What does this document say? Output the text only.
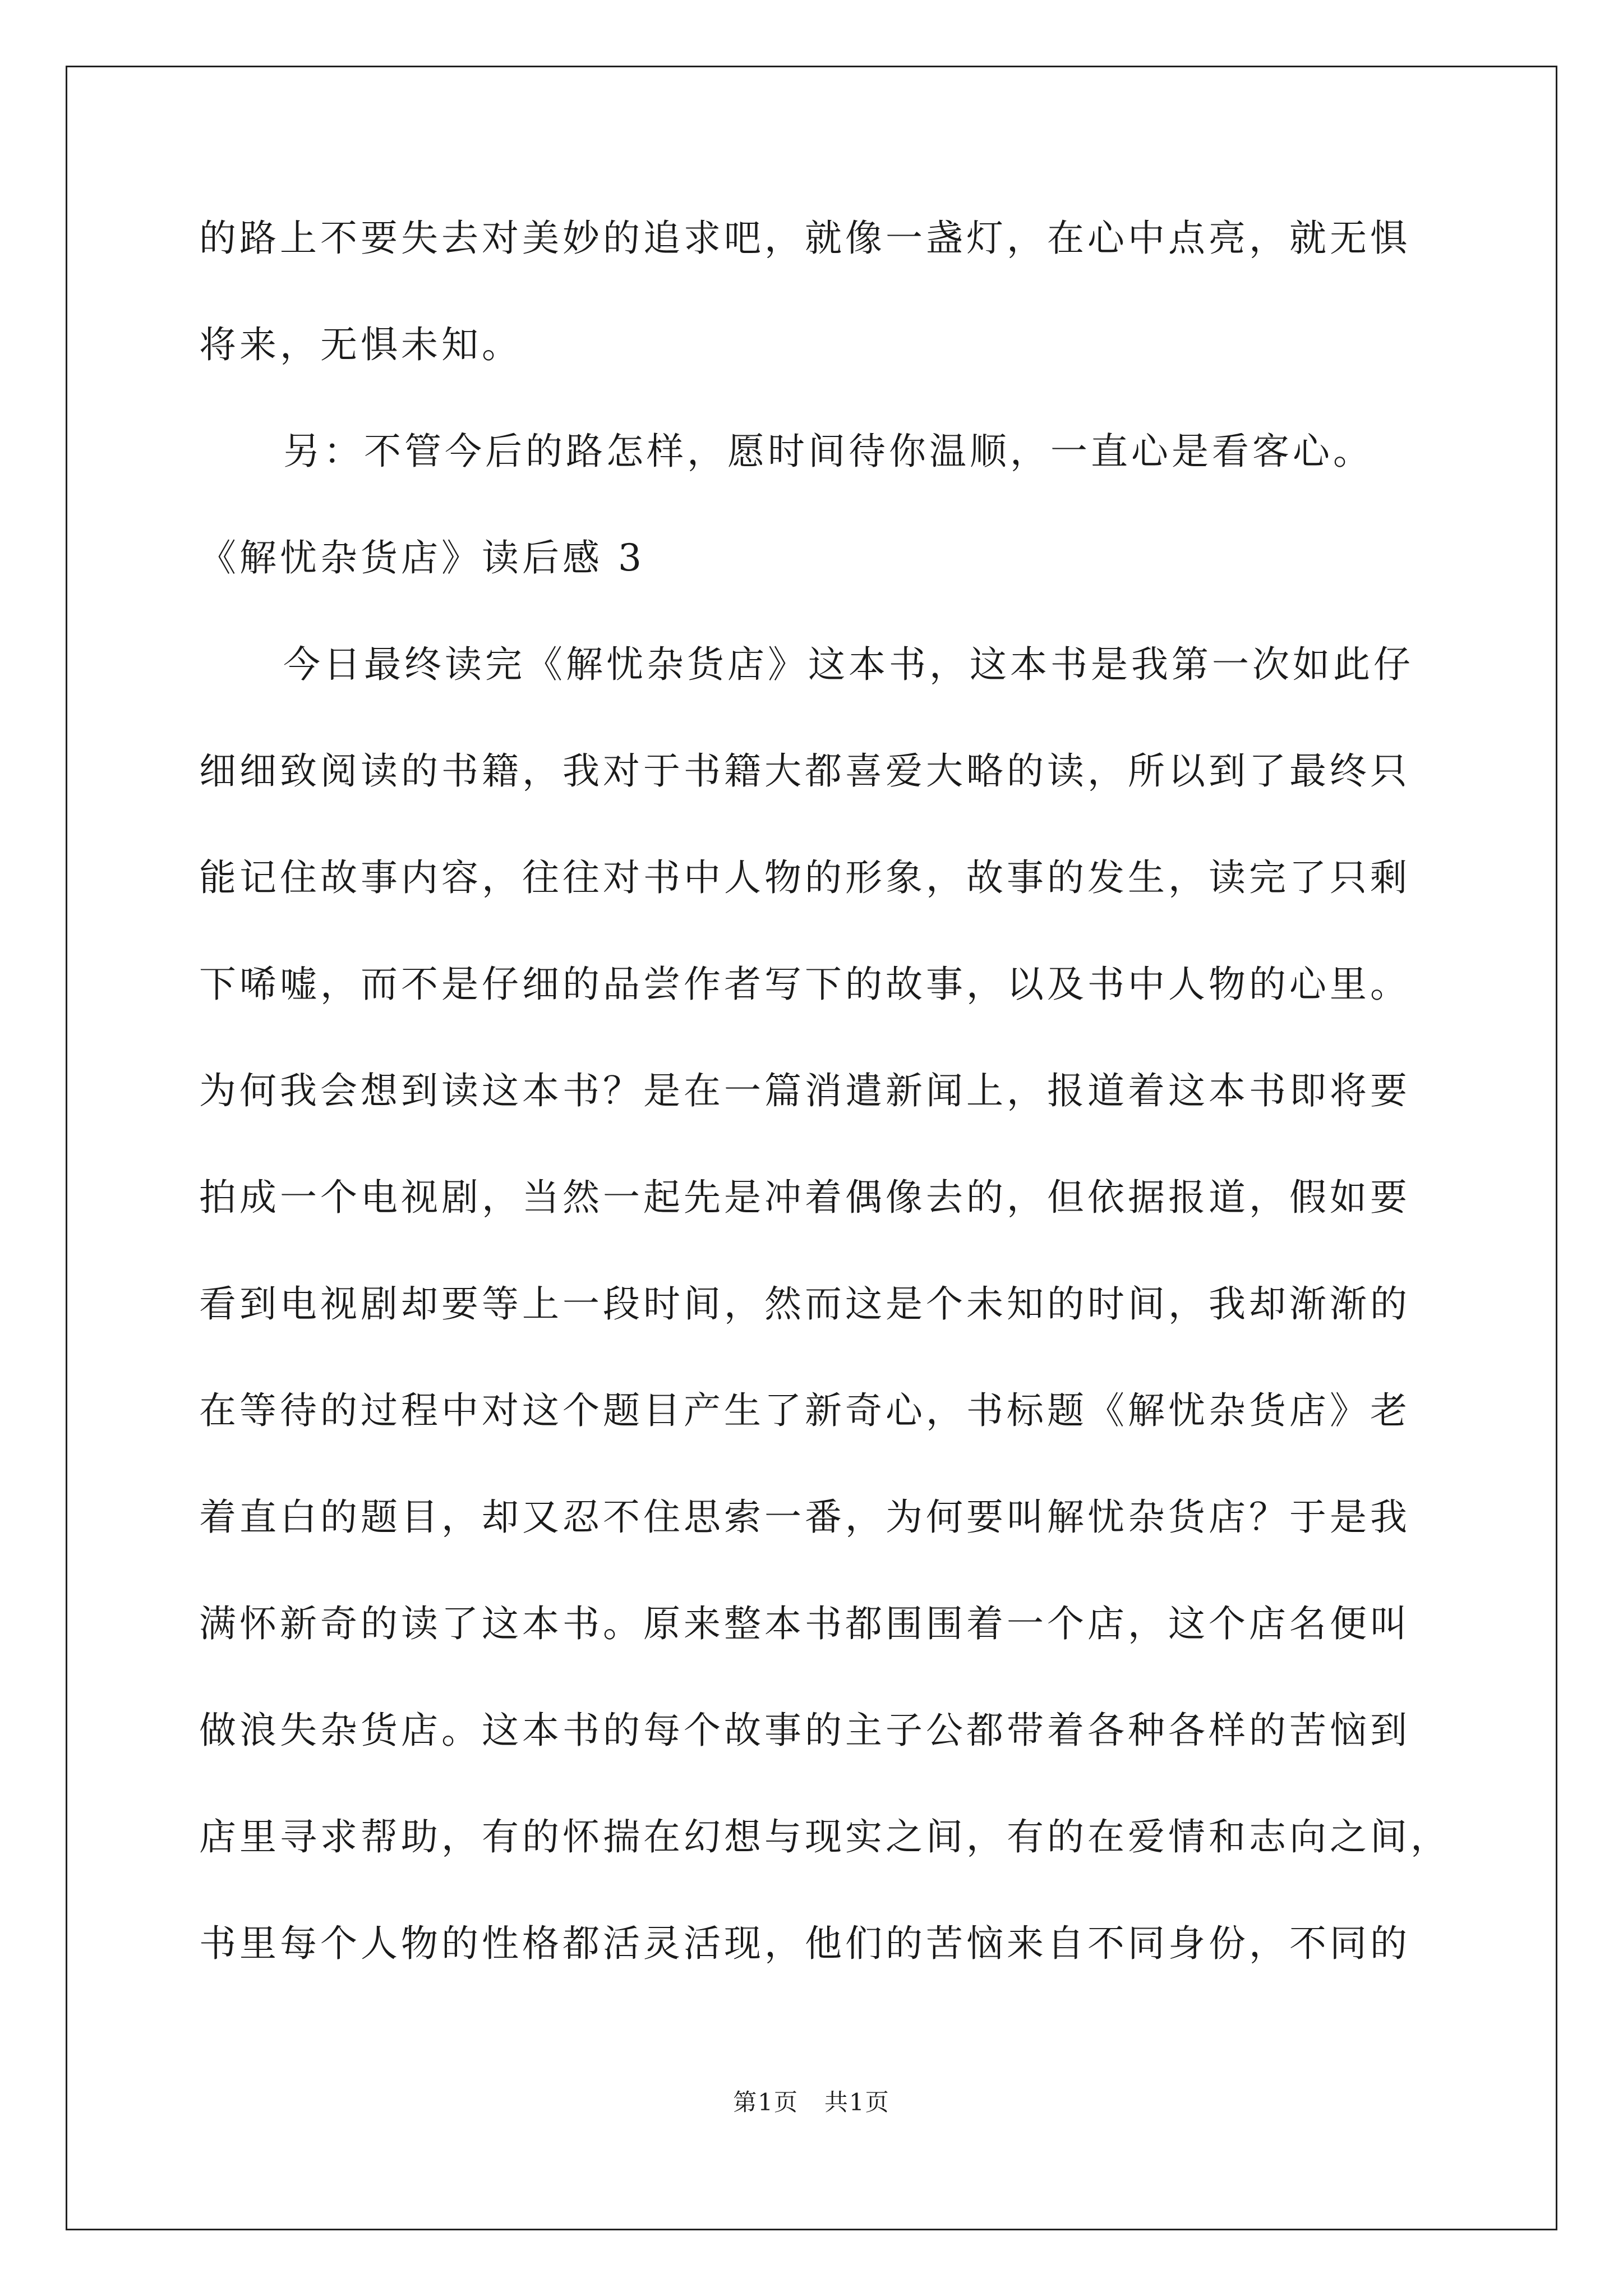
的路上不要失去对美妙的追求吧，就像一盏灯，在心中点亮，就无惧
将来，无惧未知。
另：不管今后的路怎样，愿时间待你温顺，一直心是看客心。
《解忧杂货店》读后感 3
今日最终读完《解忧杂货店》这本书，这本书是我第一次如此仔
细细致阅读的书籍，我对于书籍大都喜爱大略的读，所以到了最终只
能记住故事内容，往往对书中人物的形象，故事的发生，读完了只剩
下唏嘘，而不是仔细的品尝作者写下的故事，以及书中人物的心里。
为何我会想到读这本书？是在一篇消遣新闻上，报道着这本书即将要
拍成一个电视剧，当然一起先是冲着偶像去的，但依据报道，假如要
看到电视剧却要等上一段时间，然而这是个未知的时间，我却渐渐的
在等待的过程中对这个题目产生了新奇心，书标题《解忧杂货店》老
着直白的题目，却又忍不住思索一番，为何要叫解忧杂货店？于是我
满怀新奇的读了这本书。原来整本书都围围着一个店，这个店名便叫
做浪失杂货店。这本书的每个故事的主子公都带着各种各样的苦恼到
店里寻求帮助，有的怀揣在幻想与现实之间，有的在爱情和志向之间，
书里每个人物的性格都活灵活现，他们的苦恼来自不同身份，不同的
第1页   共1页
